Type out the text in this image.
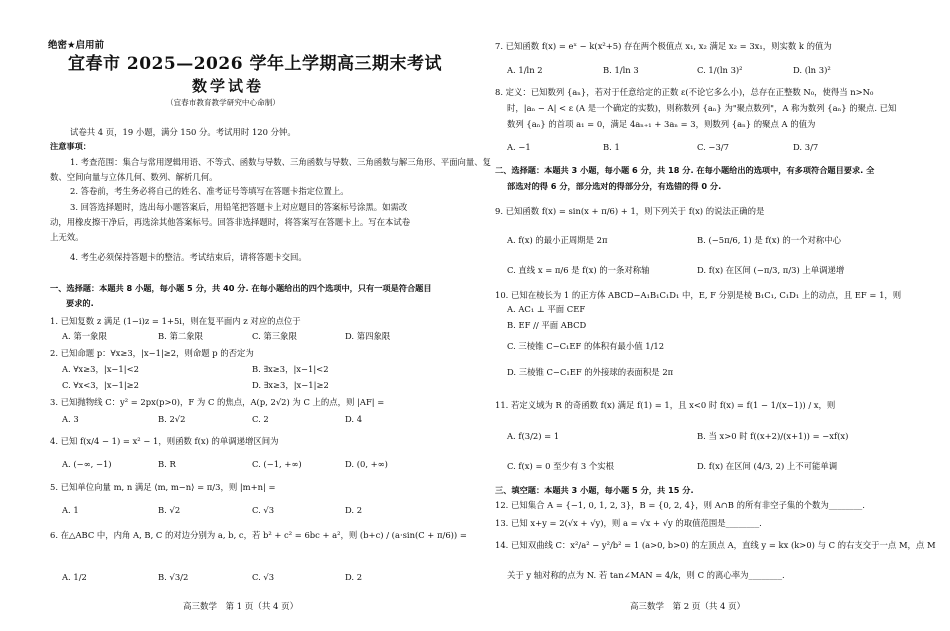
绝密★启用前
宜春市 2025—2026 学年上学期高三期末考试
数学试卷
（宜春市教育教学研究中心命制）
试卷共 4 页，19 小题，满分 150 分。考试用时 120 分钟。
注意事项：
1. 考查范围：集合与常用逻辑用语、不等式、函数与导数、三角函数与导数、三角函数与解三角形、平面向量、复
数、空间向量与立体几何、数列、解析几何。
2. 答卷前，考生务必将自己的姓名、准考证号等填写在答题卡指定位置上。
3. 回答选择题时，选出每小题答案后，用铅笔把答题卡上对应题目的答案标号涂黑。如需改
动，用橡皮擦干净后，再选涂其他答案标号。回答非选择题时，将答案写在答题卡上。写在本试卷
上无效。
4. 考生必须保持答题卡的整洁。考试结束后，请将答题卡交回。
一、选择题：本题共 8 小题，每小题 5 分，共 40 分. 在每小题给出的四个选项中，只有一项是符合题目
要求的.
1. 已知复数 z 满足 (1−i)z = 1+5i，则在复平面内 z 对应的点位于
A. 第一象限	B. 第二象限	C. 第三象限	D. 第四象限
2. 已知命题 p：∀x≥3，|x−1|≥2，则命题 p 的否定为
A. ∀x≥3，|x−1|<2	B. ∃x≥3，|x−1|<2
C. ∀x<3，|x−1|≥2	D. ∃x≥3，|x−1|≥2
3. 已知抛物线 C：y² = 2px(p>0)，F 为 C 的焦点，A(p, 2√2) 为 C 上的点，则 |AF| =
A. 3	B. 2√2	C. 2	D. 4
4. 已知 f(x/4 − 1) = x² − 1，则函数 f(x) 的单调递增区间为
A. (−∞, −1)	B. R	C. (−1, +∞)	D. (0, +∞)
5. 已知单位向量 m, n 满足 ⟨m, m−n⟩ = π/3，则 |m+n| =
A. 1	B. √2	C. √3	D. 2
6. 在△ABC 中，内角 A, B, C 的对边分别为 a, b, c，若 b² + c² = 6bc + a²，则 (b+c) / (a·sin(C + π/6)) =
A. 1/2	B. √3/2	C. √3	D. 2
高三数学　第 1 页（共 4 页）
7. 已知函数 f(x) = eˣ − k(x²+5) 存在两个极值点 x₁, x₂ 满足 x₂ = 3x₁，则实数 k 的值为
A. 1/ln 2	B. 1/ln 3	C. 1/(ln 3)²	D. (ln 3)²
8. 定义：已知数列 {aₙ}，若对于任意给定的正数 ε(不论它多么小)，总存在正整数 N₀，使得当 n>N₀
时，|aₙ − A| < ε (A 是一个确定的实数)，则称数列 {aₙ} 为"聚点数列"，A 称为数列 {aₙ} 的聚点. 已知
数列 {aₙ} 的首项 a₁ = 0，满足 4aₙ₊₁ + 3aₙ = 3，则数列 {aₙ} 的聚点 A 的值为
A. −1	B. 1	C. −3/7	D. 3/7
二、选择题：本题共 3 小题，每小题 6 分，共 18 分. 在每小题给出的选项中，有多项符合题目要求. 全
部选对的得 6 分，部分选对的得部分分，有选错的得 0 分.
9. 已知函数 f(x) = sin(x + π/6) + 1，则下列关于 f(x) 的说法正确的是
A. f(x) 的最小正周期是 2π	B. (−5π/6, 1) 是 f(x) 的一个对称中心
C. 直线 x = π/6 是 f(x) 的一条对称轴	D. f(x) 在区间 (−π/3, π/3) 上单调递增
10. 已知在棱长为 1 的正方体 ABCD−A₁B₁C₁D₁ 中，E, F 分别是棱 B₁C₁, C₁D₁ 上的动点，且 EF = 1，则
A. AC₁ ⊥ 平面 CEF
B. EF // 平面 ABCD
C. 三棱锥 C−C₁EF 的体积有最小值 1/12
D. 三棱锥 C−C₁EF 的外接球的表面积是 2π
11. 若定义域为 R 的奇函数 f(x) 满足 f(1) = 1，且 x<0 时 f(x) = f(1 − 1/(x−1)) / x，则
A. f(3/2) = 1	B. 当 x>0 时 f((x+2)/(x+1)) = −xf(x)
C. f(x) = 0 至少有 3 个实根	D. f(x) 在区间 (4/3, 2) 上不可能单调
三、填空题：本题共 3 小题，每小题 5 分，共 15 分.
12. 已知集合 A = {−1, 0, 1, 2, 3}，B = {0, 2, 4}，则 A∩B 的所有非空子集的个数为________.
13. 已知 x+y = 2(√x + √y)，则 a = √x + √y 的取值范围是________.
14. 已知双曲线 C：x²/a² − y²/b² = 1 (a>0, b>0) 的左顶点 A，直线 y = kx (k>0) 与 C 的右支交于一点 M，点 M
关于 y 轴对称的点为 N. 若 tan∠MAN = 4/k，则 C 的离心率为________.
高三数学　第 2 页（共 4 页）
